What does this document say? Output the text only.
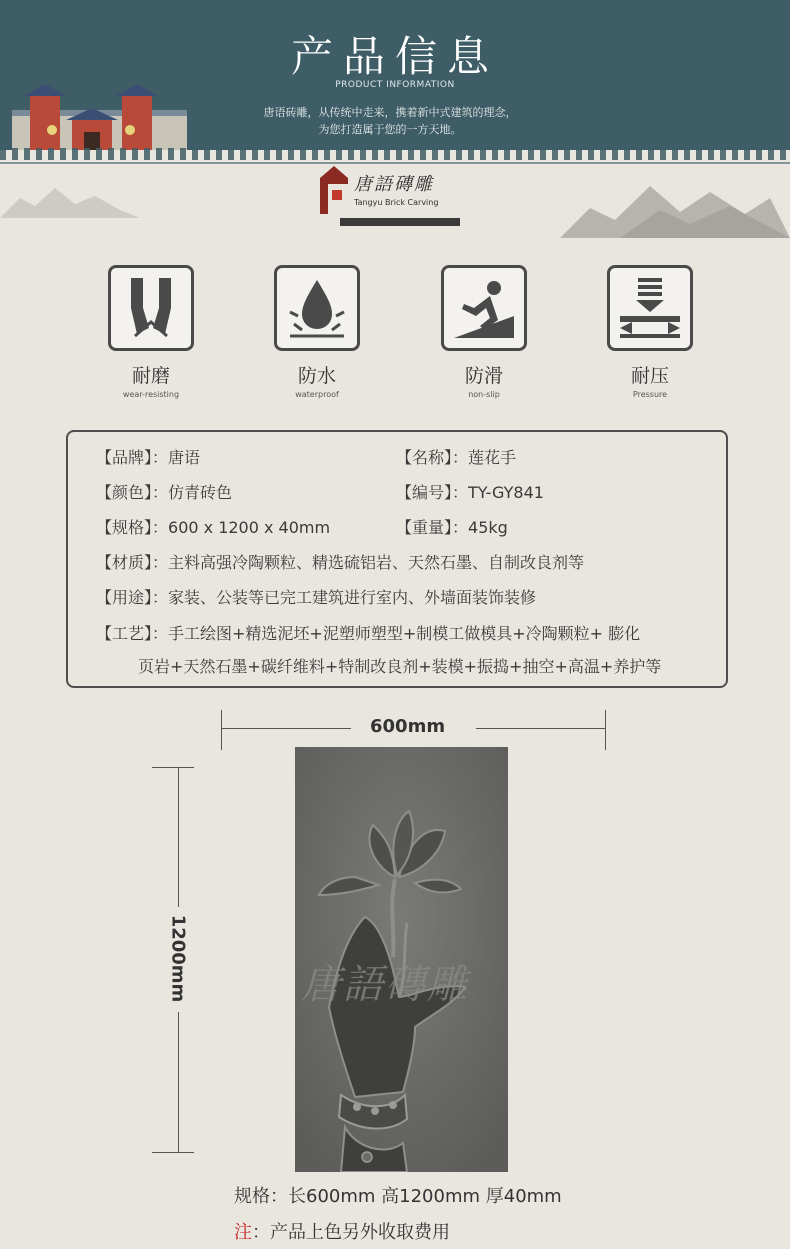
产品信息
PRODUCT INFORMATION
唐语砖雕，从传统中走来，携着新中式建筑的理念，
为您打造属于您的一方天地。
唐語磚雕
Tangyu Brick Carving
耐磨
wear-resisting
防水
waterproof
防滑
non-slip
耐压
Pressure
【品牌】：唐语	【名称】：莲花手
【颜色】：仿青砖色	【编号】：TY-GY841
【规格】：600 x 1200 x 40mm	【重量】：45kg
【材质】：主料高强冷陶颗粒、精选硫铝岩、天然石墨、自制改良剂等
【用途】：家装、公装等已完工建筑进行室内、外墙面装饰装修
【工艺】：手工绘图+精选泥坯+泥塑师塑型+制模工做模具+冷陶颗粒+ 膨化
页岩+天然石墨+碳纤维料+特制改良剂+装模+振捣+抽空+高温+养护等
600mm
1200mm	唐語磚雕
规格：长600mm 高1200mm 厚40mm
注：产品上色另外收取费用
